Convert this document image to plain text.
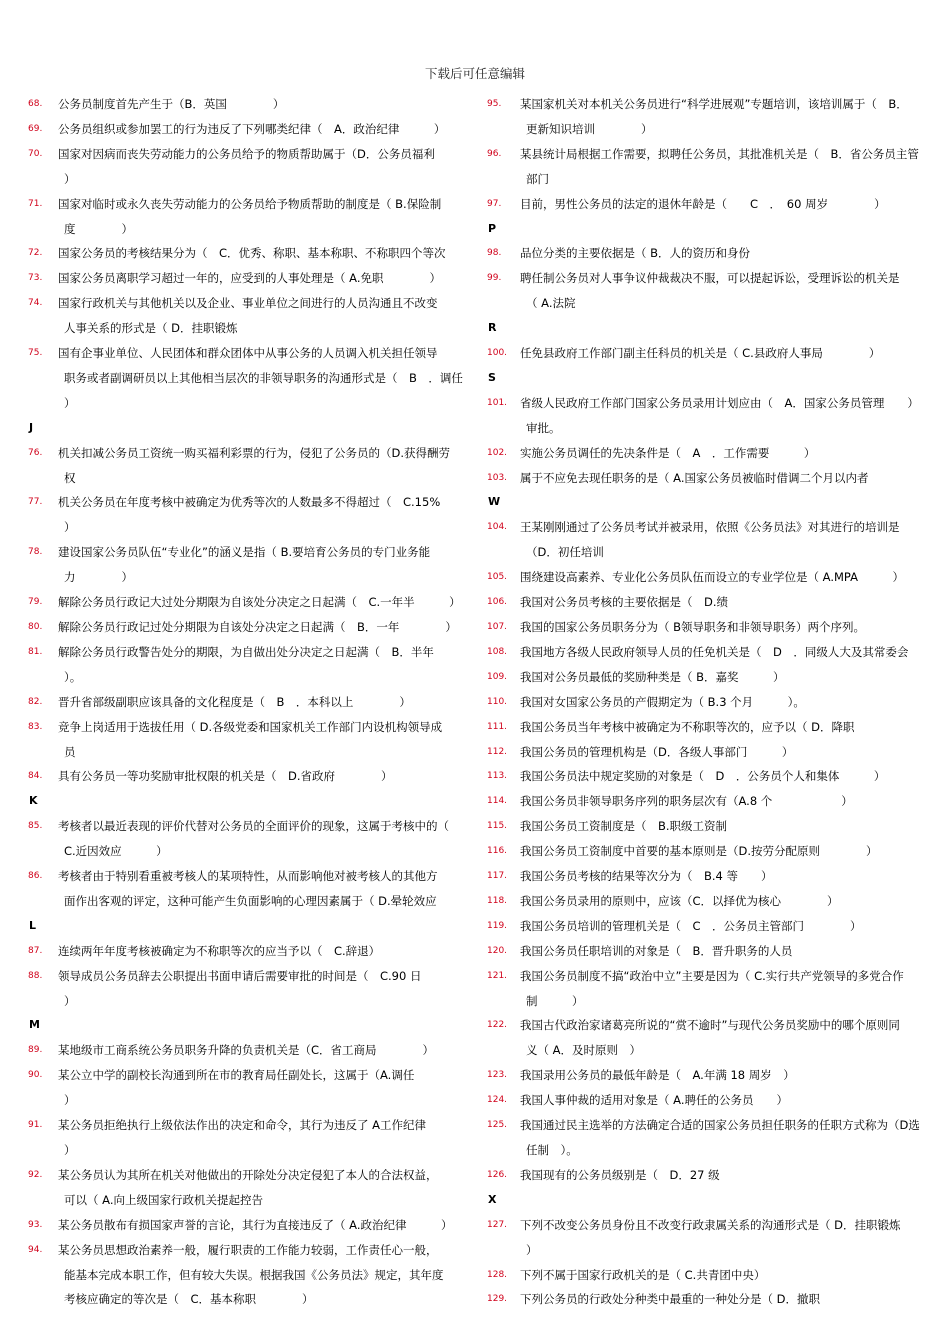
下载后可任意编辑
68. 公务员制度首先产生于（B．英国　　　　）
69. 公务员组织或参加罢工的行为违反了下列哪类纪律（　A．政治纪律　　　）
70. 国家对因病而丧失劳动能力的公务员给予的物质帮助属于（D．公务员福利
）
71. 国家对临时或永久丧失劳动能力的公务员给予物质帮助的制度是（ B.保险制
度　　　　）
72. 国家公务员的考核结果分为（　C．优秀、称职、基本称职、不称职四个等次
73. 国家公务员离职学习超过一年的，应受到的人事处理是（ A.免职　　　　）
74. 国家行政机关与其他机关以及企业、事业单位之间进行的人员沟通且不改变
人事关系的形式是（ D．挂职锻炼
75. 国有企事业单位、人民团体和群众团体中从事公务的人员调入机关担任领导
职务或者副调研员以上其他相当层次的非领导职务的沟通形式是（　B　．调任
）
J
76. 机关扣减公务员工资统一购买福利彩票的行为，侵犯了公务员的（D.获得酬劳
权
77. 机关公务员在年度考核中被确定为优秀等次的人数最多不得超过（　C.15%
）
78. 建设国家公务员队伍“专业化”的涵义是指（ B.要培育公务员的专门业务能
力　　　　）
79. 解除公务员行政记大过处分期限为自该处分决定之日起满（　C.一年半　　　）
80. 解除公务员行政记过处分期限为自该处分决定之日起满（　B．一年　　　　）
81. 解除公务员行政警告处分的期限，为自做出处分决定之日起满（　B．半年
）。
82. 晋升省部级副职应该具备的文化程度是（　B　．本科以上　　　　）
83. 竞争上岗适用于选拔任用（ D.各级党委和国家机关工作部门内设机构领导成
员
84. 具有公务员一等功奖励审批权限的机关是（　D.省政府　　　　）
K
85. 考核者以最近表现的评价代替对公务员的全面评价的现象，这属于考核中的（
C.近因效应　　　）
86. 考核者由于特别看重被考核人的某项特性，从而影响他对被考核人的其他方
面作出客观的评定，这种可能产生负面影响的心理因素属于（ D.晕轮效应
L
87. 连续两年年度考核被确定为不称职等次的应当予以（　C.辞退）
88. 领导成员公务员辞去公职提出书面申请后需要审批的时间是（　C.90 日
）
M
89. 某地级市工商系统公务员职务升降的负责机关是（C．省工商局　　　　）
90. 某公立中学的副校长沟通到所在市的教育局任副处长，这属于（A.调任
）
91. 某公务员拒绝执行上级依法作出的决定和命令，其行为违反了 A工作纪律
）
92. 某公务员认为其所在机关对他做出的开除处分决定侵犯了本人的合法权益，
可以（ A.向上级国家行政机关提起控告
93. 某公务员散布有损国家声誉的言论，其行为直接违反了（ A.政治纪律　　　）
94. 某公务员思想政治素养一般，履行职责的工作能力较弱，工作责任心一般，
能基本完成本职工作，但有较大失误。根据我国《公务员法》规定，其年度
考核应确定的等次是（　C．基本称职　　　　）
95. 某国家机关对本机关公务员进行“科学进展观”专题培训，该培训属于（　B．
更新知识培训　　　　）
96. 某县统计局根据工作需要，拟聘任公务员，其批准机关是（　B．省公务员主管
部门
97. 目前，男性公务员的法定的退休年龄是（　　C　．　60 周岁　　　　）
P
98. 品位分类的主要依据是（ B．人的资历和身份
99. 聘任制公务员对人事争议仲裁裁决不服，可以提起诉讼，受理诉讼的机关是
（ A.法院
R
100. 任免县政府工作部门副主任科员的机关是（ C.县政府人事局　　　　）
S
101. 省级人民政府工作部门国家公务员录用计划应由（　A．国家公务员管理　　）
审批。
102. 实施公务员调任的先决条件是（　A　．工作需要　　　）
103. 属于不应免去现任职务的是（ A.国家公务员被临时借调二个月以内者
W
104. 王某刚刚通过了公务员考试并被录用，依照《公务员法》对其进行的培训是
（D．初任培训
105. 围绕建设高素养、专业化公务员队伍而设立的专业学位是（ A.MPA　　　）
106. 我国对公务员考核的主要依据是（　D.绩
107. 我国的国家公务员职务分为（ B领导职务和非领导职务）两个序列。
108. 我国地方各级人民政府领导人员的任免机关是（　D　．同级人大及其常委会
109. 我国对公务员最低的奖励种类是（ B．嘉奖　　　）
110. 我国对女国家公务员的产假期定为（ B.3 个月　　　）。
111. 我国公务员当年考核中被确定为不称职等次的，应予以（ D．降职
112. 我国公务员的管理机构是（D．各级人事部门　　　）
113. 我国公务员法中规定奖励的对象是（　D　．公务员个人和集体　　　）
114. 我国公务员非领导职务序列的职务层次有（A.8 个　　　　　　）
115. 我国公务员工资制度是（　B.职级工资制
116. 我国公务员工资制度中首要的基本原则是（D.按劳分配原则　　　　）
117. 我国公务员考核的结果等次分为（　B.4 等　　）
118. 我国公务员录用的原则中，应该（C．以择优为核心　　　　）
119. 我国公务员培训的管理机关是（　C　．公务员主管部门　　　　）
120. 我国公务员任职培训的对象是（　B．晋升职务的人员
121. 我国公务员制度不搞“政治中立”主要是因为（ C.实行共产党领导的多党合作
制　　　）
122. 我国古代政治家诸葛亮所说的“赏不逾时”与现代公务员奖励中的哪个原则同
义（ A．及时原则　）
123. 我国录用公务员的最低年龄是（　A.年满 18 周岁　）
124. 我国人事仲裁的适用对象是（ A.聘任的公务员　　）
125. 我国通过民主选举的方法确定合适的国家公务员担任职务的任职方式称为（D选
任制　）。
126. 我国现有的公务员级别是（　D．27 级
X
127. 下列不改变公务员身份且不改变行政隶属关系的沟通形式是（ D．挂职锻炼
）
128. 下列不属于国家行政机关的是（ C.共青团中央）
129. 下列公务员的行政处分种类中最重的一种处分是（ D．撤职
